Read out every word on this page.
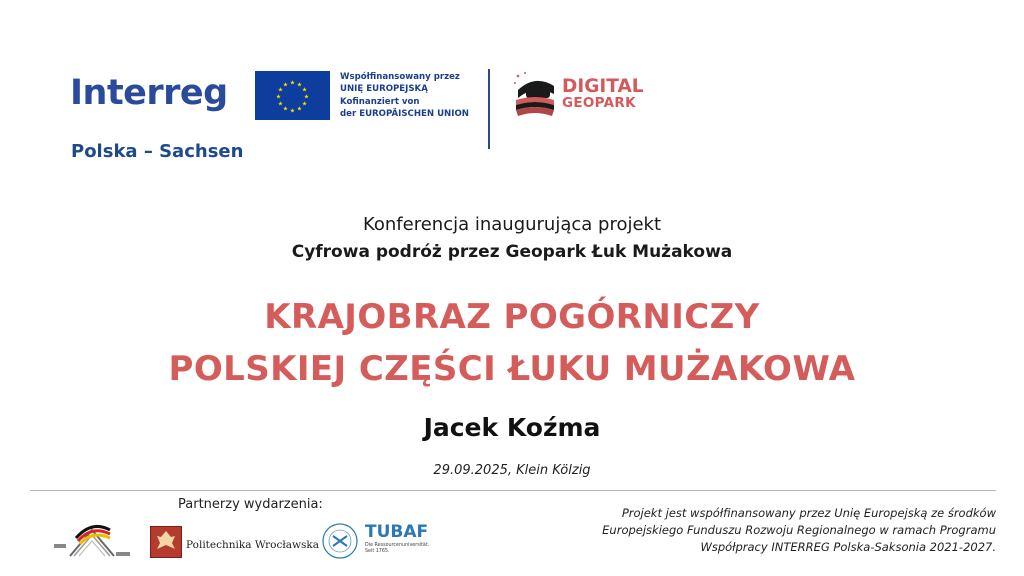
Interreg
Polska – Sachsen
★ ★
★
★
★
★
★
★
★
★
★
★
Współfinansowany przez
UNIĘ EUROPEJSKĄ
Kofinanziert von
der EUROPÄISCHEN UNION
DIGITAL
GEOPARK
Konferencja inaugurująca projekt
Cyfrowa podróż przez Geopark Łuk Mużakowa
KRAJOBRAZ POGÓRNICZY
POLSKIEJ CZĘŚCI ŁUKU MUŻAKOWA
Jacek Koźma
29.09.2025, Klein Kölzig
Partnerzy wydarzenia:
Politechnika Wrocławska
TUBAF
Die Ressourcenuniversität.
Seit 1765.
Projekt jest współfinansowany przez Unię Europejską ze środków
Europejskiego Funduszu Rozwoju Regionalnego w ramach Programu
Współpracy INTERREG Polska-Saksonia 2021-2027.
